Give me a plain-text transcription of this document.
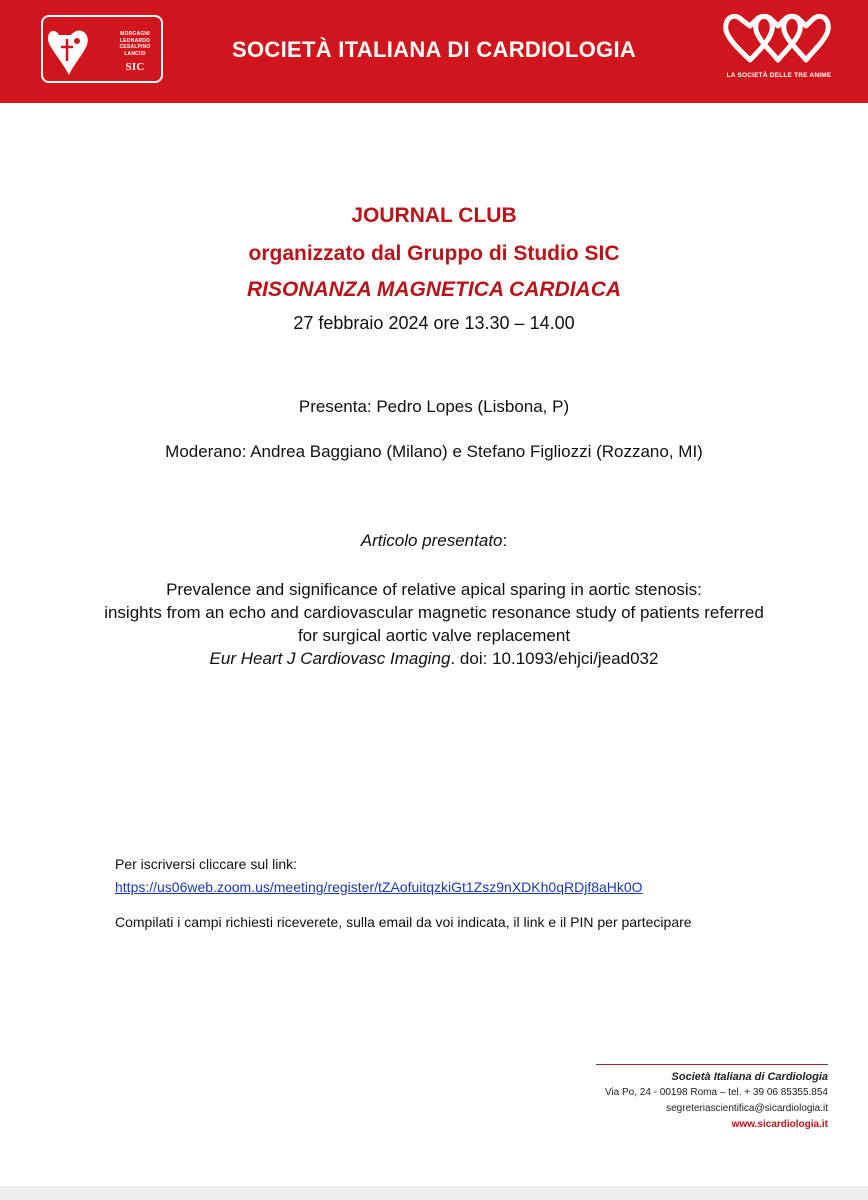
MORGAGNI
LEONARDO
CESALPINO
LANCISI
SIC
SOCIETÀ ITALIANA DI CARDIOLOGIA
LA SOCIETÀ DELLE TRE ANIME
JOURNAL CLUB
organizzato dal Gruppo di Studio SIC
RISONANZA MAGNETICA CARDIACA
27 febbraio 2024 ore 13.30 – 14.00
Presenta: Pedro Lopes (Lisbona, P)
Moderano: Andrea Baggiano (Milano) e Stefano Figliozzi (Rozzano, MI)
Articolo presentato:
Prevalence and significance of relative apical sparing in aortic stenosis:
insights from an echo and cardiovascular magnetic resonance study of patients referred
for surgical aortic valve replacement
Eur Heart J Cardiovasc Imaging. doi: 10.1093/ehjci/jead032
Per iscriversi cliccare sul link:
https://us06web.zoom.us/meeting/register/tZAofuitqzkiGt1Zsz9nXDKh0qRDjf8aHk0O
Compilati i campi richiesti riceverete, sulla email da voi indicata, il link e il PIN per partecipare
Società Italiana di Cardiologia
Via Po, 24 - 00198 Roma – tel. + 39 06 85355.854
segreteriascientifica@sicardiologia.it
www.sicardiologia.it
